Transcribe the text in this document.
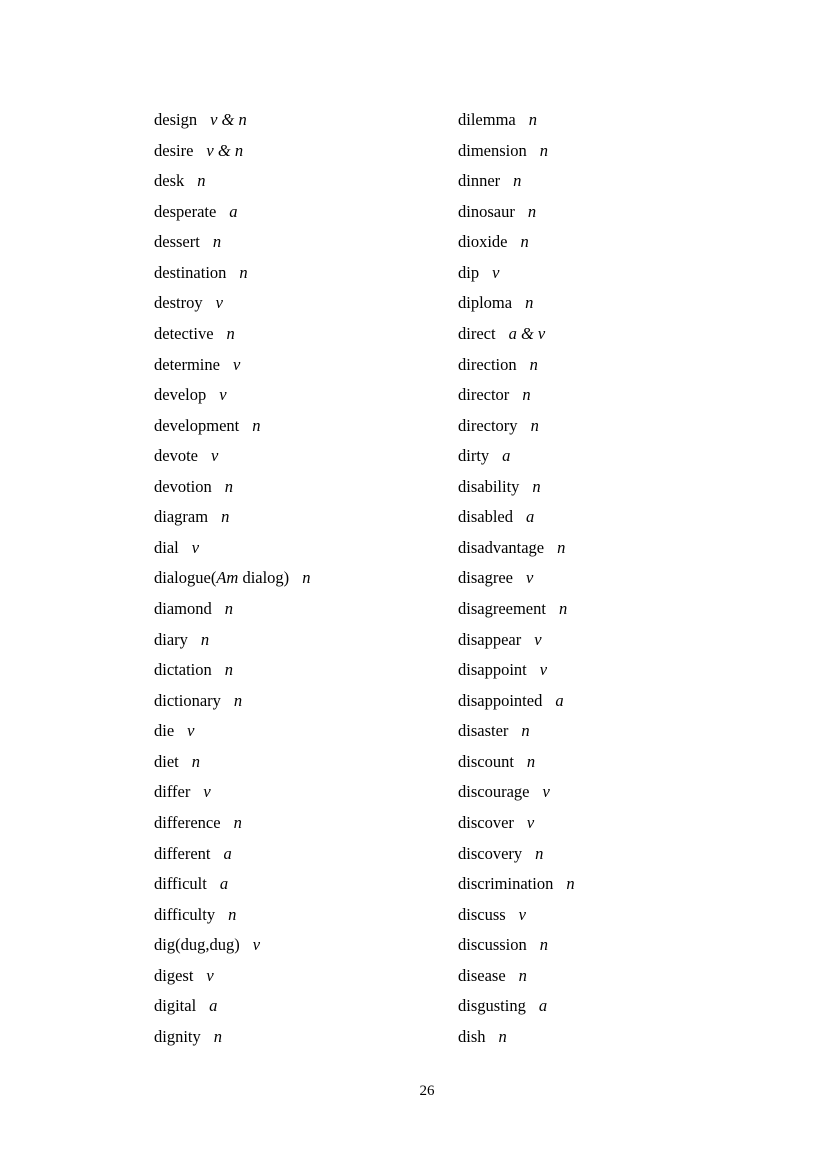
design v & n
desire v & n
desk n
desperate a
dessert n
destination n
destroy v
detective n
determine v
develop v
development n
devote v
devotion n
diagram n
dial v
dialogue(Am dialog) n
diamond n
diary n
dictation n
dictionary n
die v
diet n
differ v
difference n
different a
difficult a
difficulty n
dig(dug,dug) v
digest v
digital a
dignity n
dilemma n
dimension n
dinner n
dinosaur n
dioxide n
dip v
diploma n
direct a & v
direction n
director n
directory n
dirty a
disability n
disabled a
disadvantage n
disagree v
disagreement n
disappear v
disappoint v
disappointed a
disaster n
discount n
discourage v
discover v
discovery n
discrimination n
discuss v
discussion n
disease n
disgusting a
dish n
26
